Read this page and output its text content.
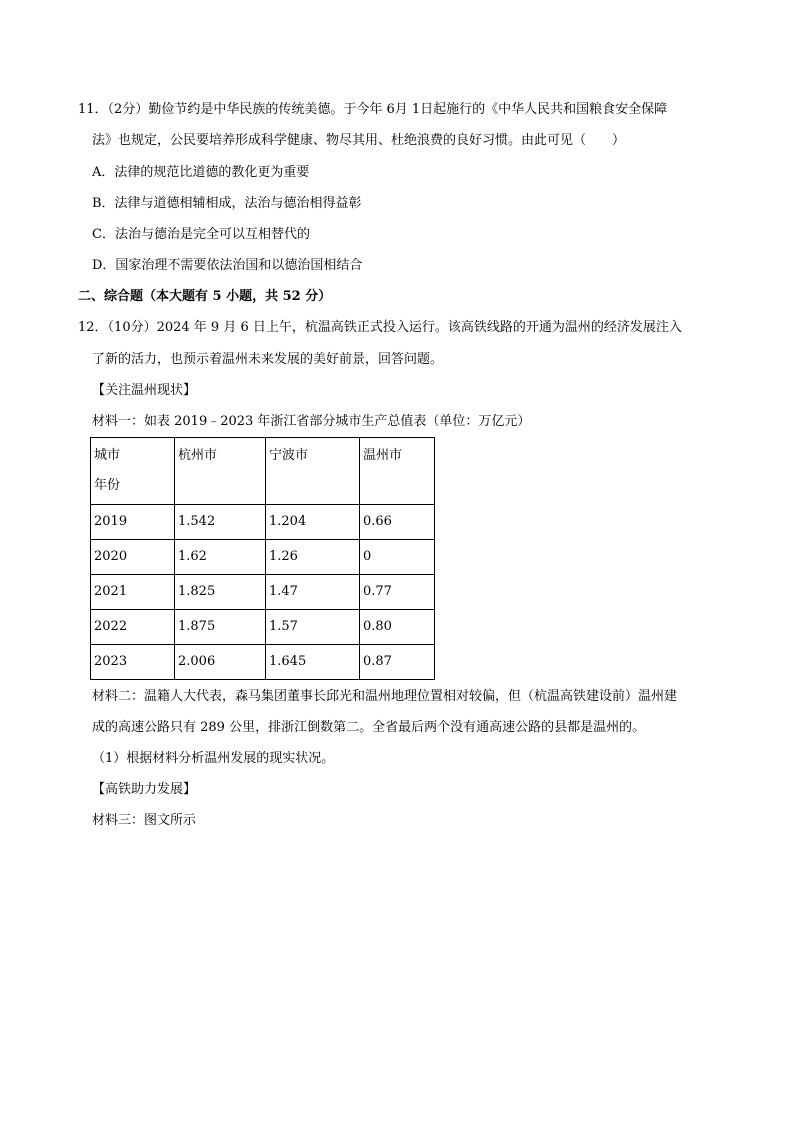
11．（2分）勤俭节约是中华民族的传统美德。于今年 6月 1日起施行的《中华人民共和国粮食安全保障
法》也规定，公民要培养形成科学健康、物尽其用、杜绝浪费的良好习惯。由此可见（　　）
A．法律的规范比道德的教化更为重要
B．法律与道德相辅相成，法治与德治相得益彰
C．法治与德治是完全可以互相替代的
D．国家治理不需要依法治国和以德治国相结合
二、综合题（本大题有 5 小题，共 52 分）
12．（10分）2024 年 9 月 6 日上午，杭温高铁正式投入运行。该高铁线路的开通为温州的经济发展注入
了新的活力，也预示着温州未来发展的美好前景，回答问题。
【关注温州现状】
材料一：如表 2019﹣2023 年浙江省部分城市生产总值表（单位：万亿元）
城市
年份	杭州市	宁波市	温州市
2019	1.542	1.204	0.66
2020	1.62	1.26	0
2021	1.825	1.47	0.77
2022	1.875	1.57	0.80
2023	2.006	1.645	0.87
材料二：温籍人大代表，森马集团董事长邱光和温州地理位置相对较偏，但（杭温高铁建设前）温州建
成的高速公路只有 289 公里，排浙江倒数第二。全省最后两个没有通高速公路的县都是温州的。
（1）根据材料分析温州发展的现实状况。
【高铁助力发展】
材料三：图文所示
